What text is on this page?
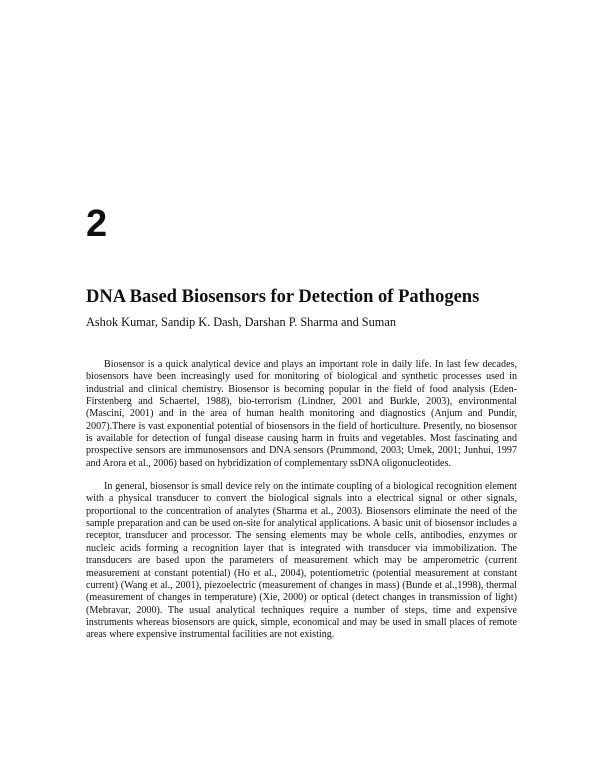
2
DNA Based Biosensors for Detection of Pathogens
Ashok Kumar, Sandip K. Dash, Darshan P. Sharma and Suman

Biosensor is a quick analytical device and plays an important role in daily life. In last few decades, biosensors have been increasingly used for monitoring of biological and synthetic processes used in industrial and clinical chemistry. Biosensor is becoming popular in the field of food analysis (Eden-Firstenberg and Schaertel, 1988), bio-terrorism (Lindner, 2001 and Burkle, 2003), environmental (Mascini, 2001) and in the area of human health monitoring and diagnostics (Anjum and Pundir, 2007).There is vast exponential potential of biosensors in the field of horticulture. Presently, no biosensor is available for detection of fungal disease causing harm in fruits and vegetables. Most fascinating and prospective sensors are immunosensors and DNA sensors (Prummond, 2003; Umek, 2001; Junhui, 1997 and Arora et al., 2006) based on hybridization of complementary ssDNA oligonucleotides.

In general, biosensor is small device rely on the intimate coupling of a biological recognition element with a physical transducer to convert the biological signals into a electrical signal or other signals, proportional to the concentration of analytes (Sharma et al., 2003). Biosensors eliminate the need of the sample preparation and can be used on-site for analytical applications. A basic unit of biosensor includes a receptor, transducer and processor. The sensing elements may be whole cells, antibodies, enzymes or nucleic acids forming a recognition layer that is integrated with transducer via immobilization. The transducers are based upon the parameters of measurement which may be amperometric (current measurement at constant potential) (Ho et al., 2004), potentiometric (potential measurement at constant current) (Wang et al., 2001), piezoelectric (measurement of changes in mass) (Bunde et al.,1998), thermal (measurement of changes in temperature) (Xie, 2000) or optical (detect changes in transmission of light) (Mebravar, 2000). The usual analytical techniques require a number of steps, time and expensive instruments whereas biosensors are quick, simple, economical and may be used in small places of remote areas where expensive instrumental facilities are not existing.
